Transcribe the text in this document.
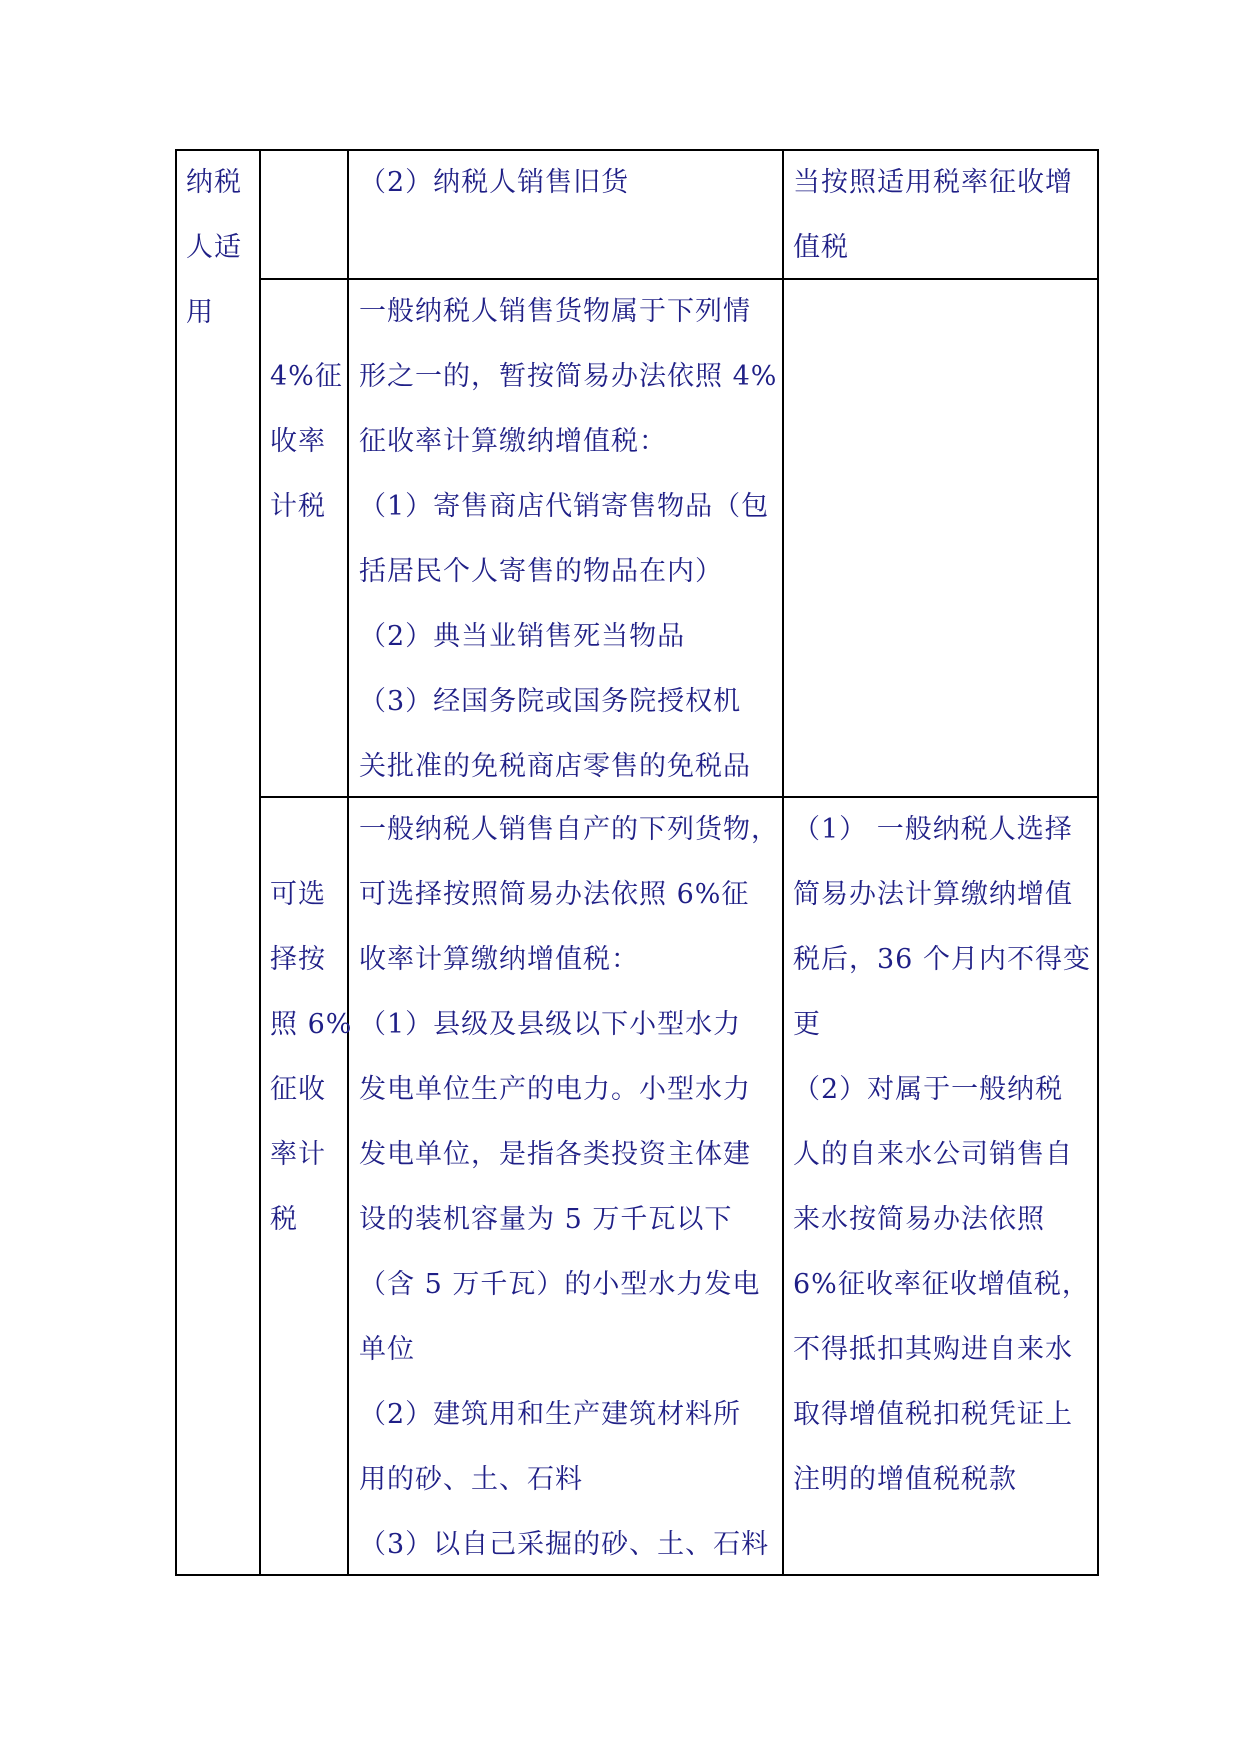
纳税
人适
用
（2）纳税人销售旧货	当按照适用税率征收增
值税
4%征
收率
计税
一般纳税人销售货物属于下列情
形之一的，暂按简易办法依照 4%
征收率计算缴纳增值税：
（1）寄售商店代销寄售物品（包
括居民个人寄售的物品在内）
（2）典当业销售死当物品
（3）经国务院或国务院授权机
关批准的免税商店零售的免税品
可选
择按
照 6%
征收
率计
税
一般纳税人销售自产的下列货物，
可选择按照简易办法依照 6%征
收率计算缴纳增值税：
（1）县级及县级以下小型水力
发电单位生产的电力。小型水力
发电单位，是指各类投资主体建
设的装机容量为 5 万千瓦以下
（含 5 万千瓦）的小型水力发电
单位
（2）建筑用和生产建筑材料所
用的砂、土、石料
（3）以自己采掘的砂、土、石料
（1） 一般纳税人选择
简易办法计算缴纳增值
税后，36 个月内不得变
更
（2）对属于一般纳税
人的自来水公司销售自
来水按简易办法依照
6%征收率征收增值税，
不得抵扣其购进自来水
取得增值税扣税凭证上
注明的增值税税款
